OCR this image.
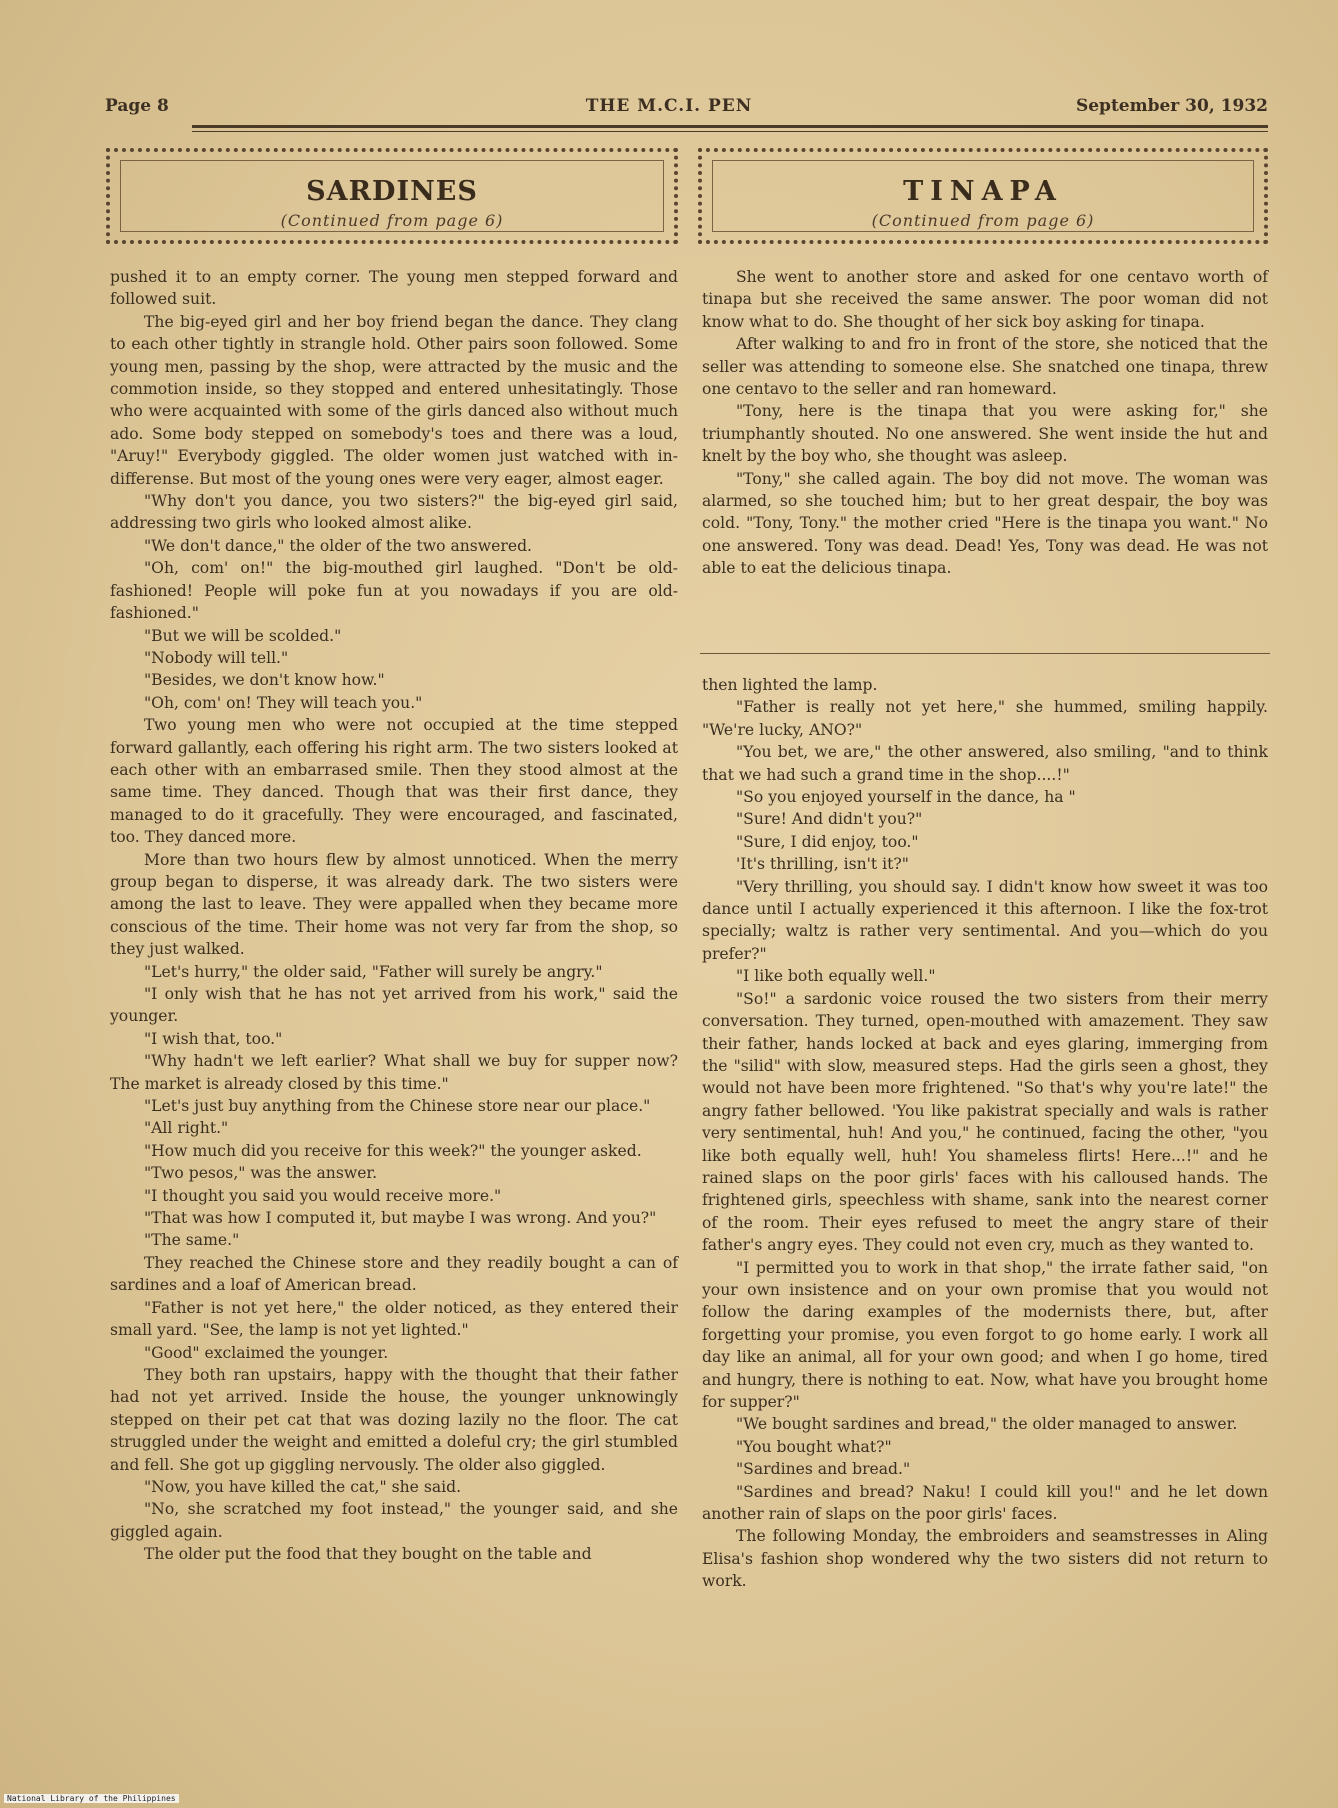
Page 8	THE M.C.I. PEN	September 30, 1932
SARDINES
(Continued from page 6)
TINAPA
(Continued from page 6)

pushed it to an empty corner. The young men stepped forward and followed suit.

The big-eyed girl and her boy friend began the dance. They clang to each other tightly in strangle hold. Other pairs soon followed. Some young men, passing by the shop, were attracted by the music and the commotion inside, so they stopped and entered unhesitatingly. Those who were acquainted with some of the girls danced also without much ado. Some body stepped on somebody's toes and there was a loud, "Aruy!" Everybody giggled. The older women just watched with in-differense. But most of the young ones were very eager, almost eager.

"Why don't you dance, you two sisters?" the big-eyed girl said, addressing two girls who looked almost alike.

"We don't dance," the older of the two answered.

"Oh, com' on!" the big-mouthed girl laughed. "Don't be old-fashioned! People will poke fun at you nowadays if you are old-fashioned."

"But we will be scolded."

"Nobody will tell."

"Besides, we don't know how."

"Oh, com' on! They will teach you."

Two young men who were not occupied at the time stepped forward gallantly, each offering his right arm. The two sisters looked at each other with an embarrased smile. Then they stood almost at the same time. They danced. Though that was their first dance, they managed to do it gracefully. They were encouraged, and fascinated, too. They danced more.

More than two hours flew by almost unnoticed. When the merry group began to disperse, it was already dark. The two sisters were among the last to leave. They were appalled when they became more conscious of the time. Their home was not very far from the shop, so they just walked.

"Let's hurry," the older said, "Father will surely be angry."

"I only wish that he has not yet arrived from his work," said the younger.

"I wish that, too."

"Why hadn't we left earlier? What shall we buy for supper now? The market is already closed by this time."

"Let's just buy anything from the Chinese store near our place."

"All right."

"How much did you receive for this week?" the younger asked.

"Two pesos," was the answer.

"I thought you said you would receive more."

"That was how I computed it, but maybe I was wrong. And you?"

"The same."

They reached the Chinese store and they readily bought a can of sardines and a loaf of American bread.

"Father is not yet here," the older noticed, as they entered their small yard. "See, the lamp is not yet lighted."

"Good" exclaimed the younger.

They both ran upstairs, happy with the thought that their father had not yet arrived. Inside the house, the younger unknowingly stepped on their pet cat that was dozing lazily no the floor. The cat struggled under the weight and emitted a doleful cry; the girl stumbled and fell. She got up giggling nervously. The older also giggled.

"Now, you have killed the cat," she said.

"No, she scratched my foot instead," the younger said, and she giggled again.

The older put the food that they bought on the table and

She went to another store and asked for one centavo worth of tinapa but she received the same answer. The poor woman did not know what to do. She thought of her sick boy asking for tinapa.

After walking to and fro in front of the store, she noticed that the seller was attending to someone else. She snatched one tinapa, threw one centavo to the seller and ran homeward.

"Tony, here is the tinapa that you were asking for," she triumphantly shouted. No one answered. She went inside the hut and knelt by the boy who, she thought was asleep.

"Tony," she called again. The boy did not move. The woman was alarmed, so she touched him; but to her great despair, the boy was cold. "Tony, Tony." the mother cried "Here is the tinapa you want." No one answered. Tony was dead. Dead! Yes, Tony was dead. He was not able to eat the delicious tinapa.

then lighted the lamp.

"Father is really not yet here," she hummed, smiling happily. "We're lucky, ANO?"

"You bet, we are," the other answered, also smiling, "and to think that we had such a grand time in the shop....!"

"So you enjoyed yourself in the dance, ha "

"Sure! And didn't you?"

"Sure, I did enjoy, too."

'It's thrilling, isn't it?"

"Very thrilling, you should say. I didn't know how sweet it was too dance until I actually experienced it this afternoon. I like the fox-trot specially; waltz is rather very sentimental. And you—which do you prefer?"

"I like both equally well."

"So!" a sardonic voice roused the two sisters from their merry conversation. They turned, open-mouthed with amazement. They saw their father, hands locked at back and eyes glaring, immerging from the "silid" with slow, measured steps. Had the girls seen a ghost, they would not have been more frightened. "So that's why you're late!" the angry father bellowed. 'You like pakistrat specially and wals is rather very sentimental, huh! And you," he continued, facing the other, "you like both equally well, huh! You shameless flirts! Here...!" and he rained slaps on the poor girls' faces with his calloused hands. The frightened girls, speechless with shame, sank into the nearest corner of the room. Their eyes refused to meet the angry stare of their father's angry eyes. They could not even cry, much as they wanted to.

"I permitted you to work in that shop," the irrate father said, "on your own insistence and on your own promise that you would not follow the daring examples of the modernists there, but, after forgetting your promise, you even forgot to go home early. I work all day like an animal, all for your own good; and when I go home, tired and hungry, there is nothing to eat. Now, what have you brought home for supper?"

"We bought sardines and bread," the older managed to answer.

"You bought what?"

"Sardines and bread."

"Sardines and bread? Naku! I could kill you!" and he let down another rain of slaps on the poor girls' faces.

The following Monday, the embroiders and seamstresses in Aling Elisa's fashion shop wondered why the two sisters did not return to work.

National Library of the Philippines
